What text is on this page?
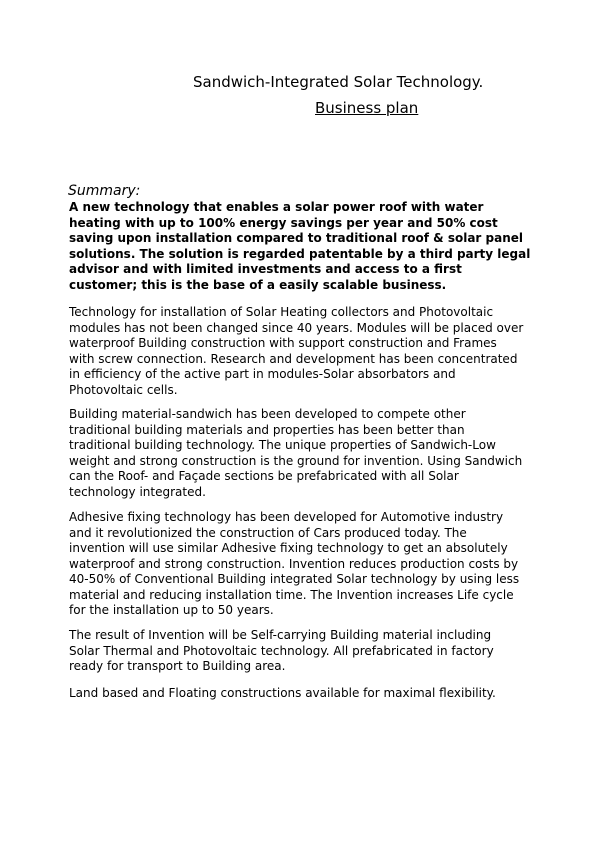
Sandwich-Integrated Solar Technology.
Business plan
Summary:

A new technology that enables a solar power roof with water
heating with up to 100% energy savings per year and 50% cost
saving upon installation compared to traditional roof & solar panel
solutions. The solution is regarded patentable by a third party legal
advisor and with limited investments and access to a first
customer; this is the base of a easily scalable business.

Technology for installation of Solar Heating collectors and Photovoltaic
modules has not been changed since 40 years. Modules will be placed over
waterproof Building construction with support construction and Frames
with screw connection. Research and development has been concentrated
in efficiency of the active part in modules-Solar absorbators and
Photovoltaic cells.

Building material-sandwich has been developed to compete other
traditional building materials and properties has been better than
traditional building technology. The unique properties of Sandwich-Low
weight and strong construction is the ground for invention. Using Sandwich
can the Roof- and Façade sections be prefabricated with all Solar
technology integrated.

Adhesive fixing technology has been developed for Automotive industry
and it revolutionized the construction of Cars produced today. The
invention will use similar Adhesive fixing technology to get an absolutely
waterproof and strong construction. Invention reduces production costs by
40-50% of Conventional Building integrated Solar technology by using less
material and reducing installation time. The Invention increases Life cycle
for the installation up to 50 years.

The result of Invention will be Self-carrying Building material including
Solar Thermal and Photovoltaic technology. All prefabricated in factory
ready for transport to Building area.

Land based and Floating constructions available for maximal flexibility.
